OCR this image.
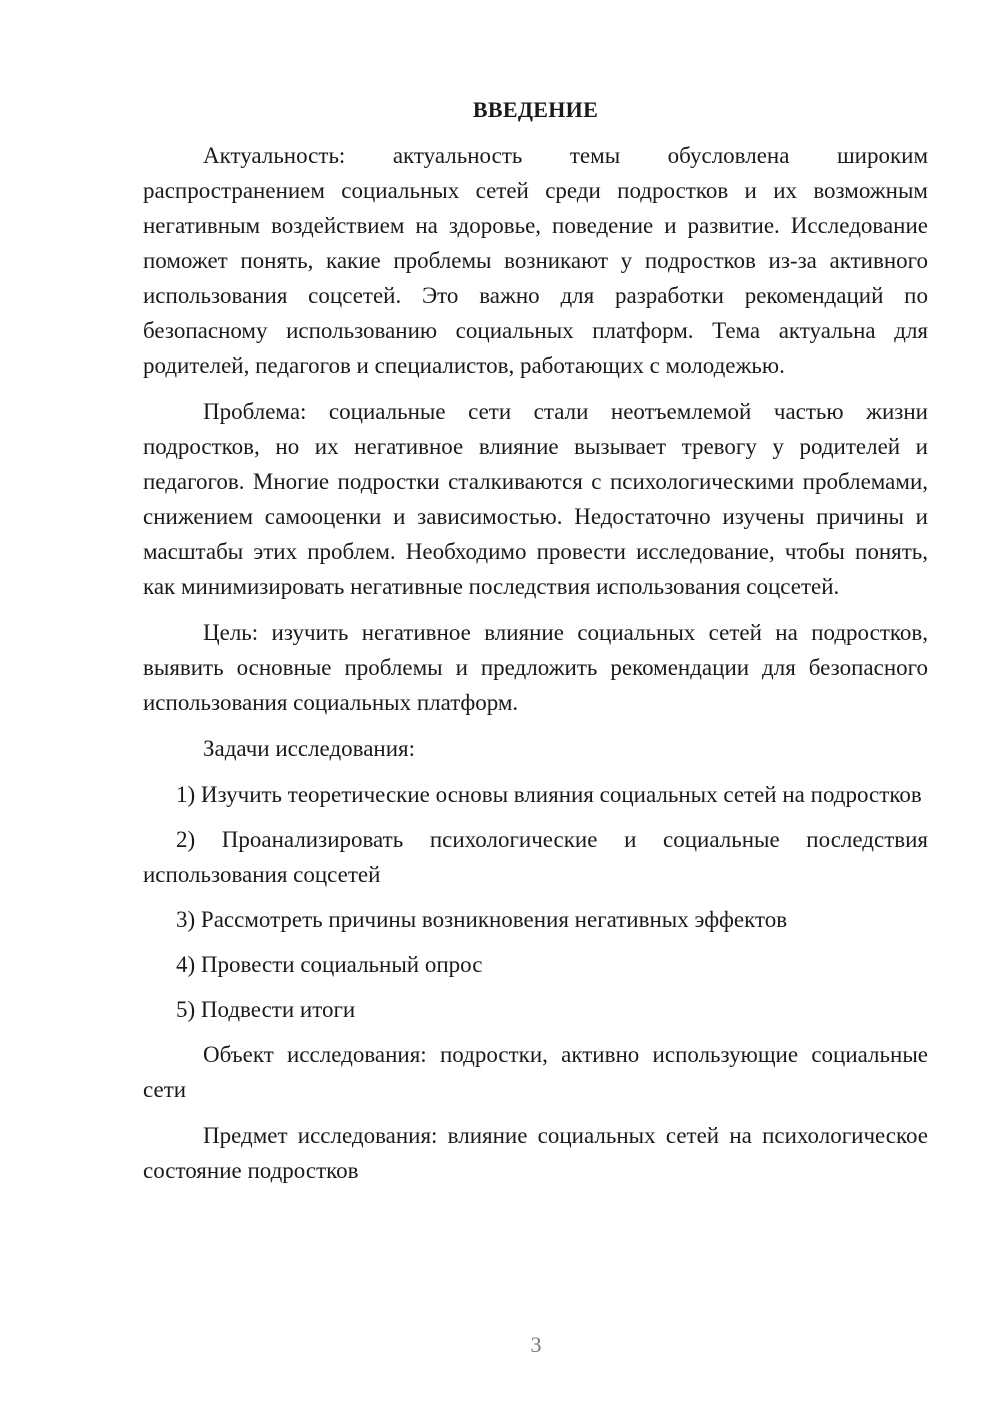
ВВЕДЕНИЕ

Актуальность: актуальность темы обусловлена широким распространением социальных сетей среди подростков и их возможным негативным воздействием на здоровье, поведение и развитие. Исследование поможет понять, какие проблемы возникают у подростков из-за активного использования соцсетей. Это важно для разработки рекомендаций по безопасному использованию социальных платформ. Тема актуальна для родителей, педагогов и специалистов, работающих с молодежью.

Проблема: социальные сети стали неотъемлемой частью жизни подростков, но их негативное влияние вызывает тревогу у родителей и педагогов. Многие подростки сталкиваются с психологическими проблемами, снижением самооценки и зависимостью. Недостаточно изучены причины и масштабы этих проблем. Необходимо провести исследование, чтобы понять, как минимизировать негативные последствия использования соцсетей.

Цель: изучить негативное влияние социальных сетей на подростков, выявить основные проблемы и предложить рекомендации для безопасного использования социальных платформ.

Задачи исследования:

1) Изучить теоретические основы влияния социальных сетей на подростков

2) Проанализировать психологические и социальные последствия использования соцсетей

3) Рассмотреть причины возникновения негативных эффектов

4) Провести социальный опрос

5) Подвести итоги

Объект исследования: подростки, активно использующие социальные сети

Предмет исследования: влияние социальных сетей на психологическое состояние подростков

3
